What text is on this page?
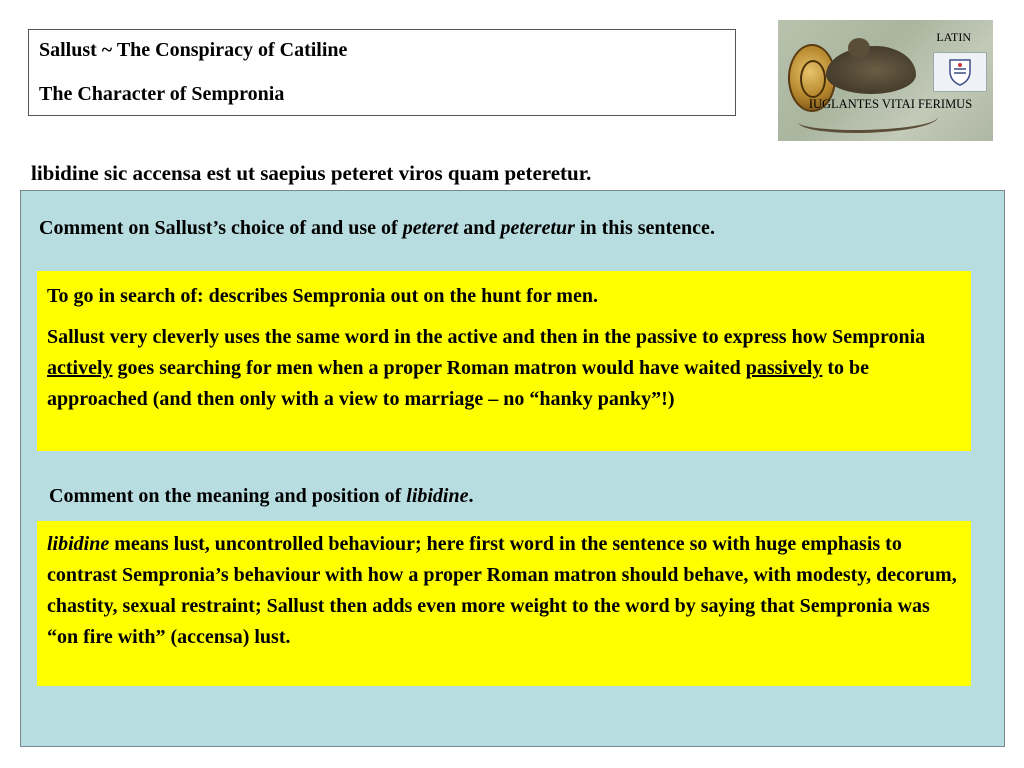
Sallust ~ The Conspiracy of Catiline
The Character of Sempronia
LATIN
IUGLANTES VITAI FERIMUS
libidine sic accensa est ut saepius peteret viros quam peteretur.
Comment on Sallust’s choice of and use of peteret and peteretur in this sentence.

To go in search of: describes Sempronia out on the hunt for men.

Sallust very cleverly uses the same word in the active and then in the passive to express how Sempronia actively goes searching for men when a proper Roman matron would have waited passively to be approached (and then only with a view to marriage – no “hanky panky”!)

Comment on the meaning and position of libidine.

libidine means lust, uncontrolled behaviour; here first word in the sentence so with huge emphasis to contrast Sempronia’s behaviour with how a proper Roman matron should behave, with modesty, decorum, chastity, sexual restraint; Sallust then adds even more weight to the word by saying that Sempronia was “on fire with” (accensa) lust.
